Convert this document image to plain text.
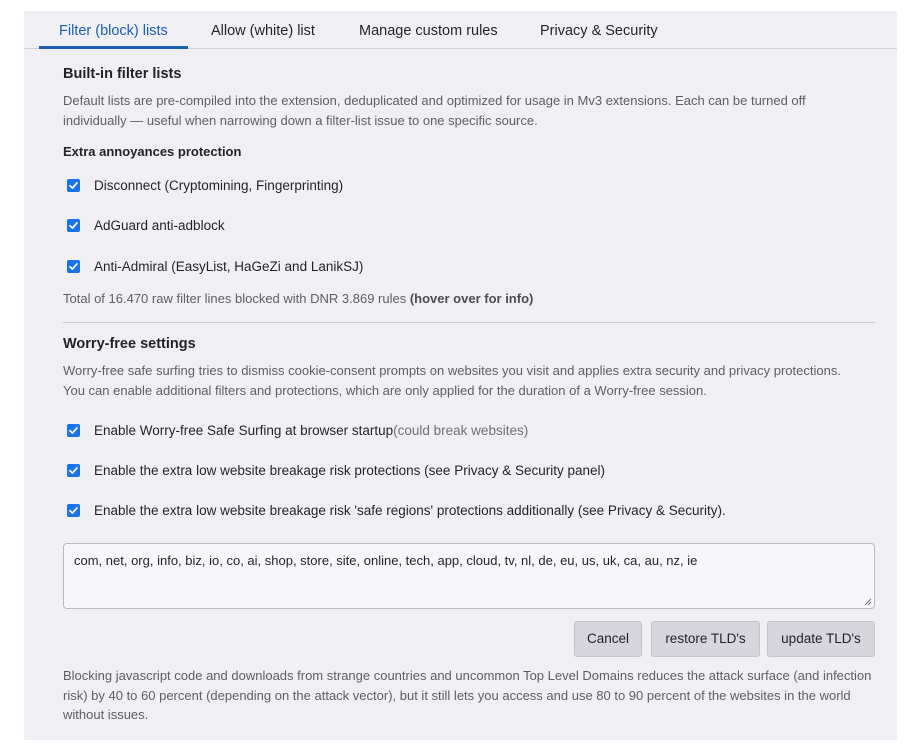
Filter (block) lists	Allow (white) list	Manage custom rules	Privacy & Security
Built-in filter lists
Default lists are pre-compiled into the extension, deduplicated and optimized for usage in Mv3 extensions. Each can be turned off individually — useful when narrowing down a filter-list issue to one specific source.
Extra annoyances protection
Disconnect (Cryptomining, Fingerprinting)
AdGuard anti-adblock
Anti-Admiral (EasyList, HaGeZi and LanikSJ)
Total of 16.470 raw filter lines blocked with DNR 3.869 rules (hover over for info)
Worry-free settings
Worry-free safe surfing tries to dismiss cookie-consent prompts on websites you visit and applies extra security and privacy protections. You can enable additional filters and protections, which are only applied for the duration of a Worry-free session.
Enable Worry-free Safe Surfing at browser startup (could break websites)
Enable the extra low website breakage risk protections (see Privacy & Security panel)
Enable the extra low website breakage risk 'safe regions' protections additionally (see Privacy & Security).
com, net, org, info, biz, io, co, ai, shop, store, site, online, tech, app, cloud, tv, nl, de, eu, us, uk, ca, au, nz, ie
Cancel	restore TLD's	update TLD's
Blocking javascript code and downloads from strange countries and uncommon Top Level Domains reduces the attack surface (and infection risk) by 40 to 60 percent (depending on the attack vector), but it still lets you access and use 80 to 90 percent of the websites in the world without issues.
